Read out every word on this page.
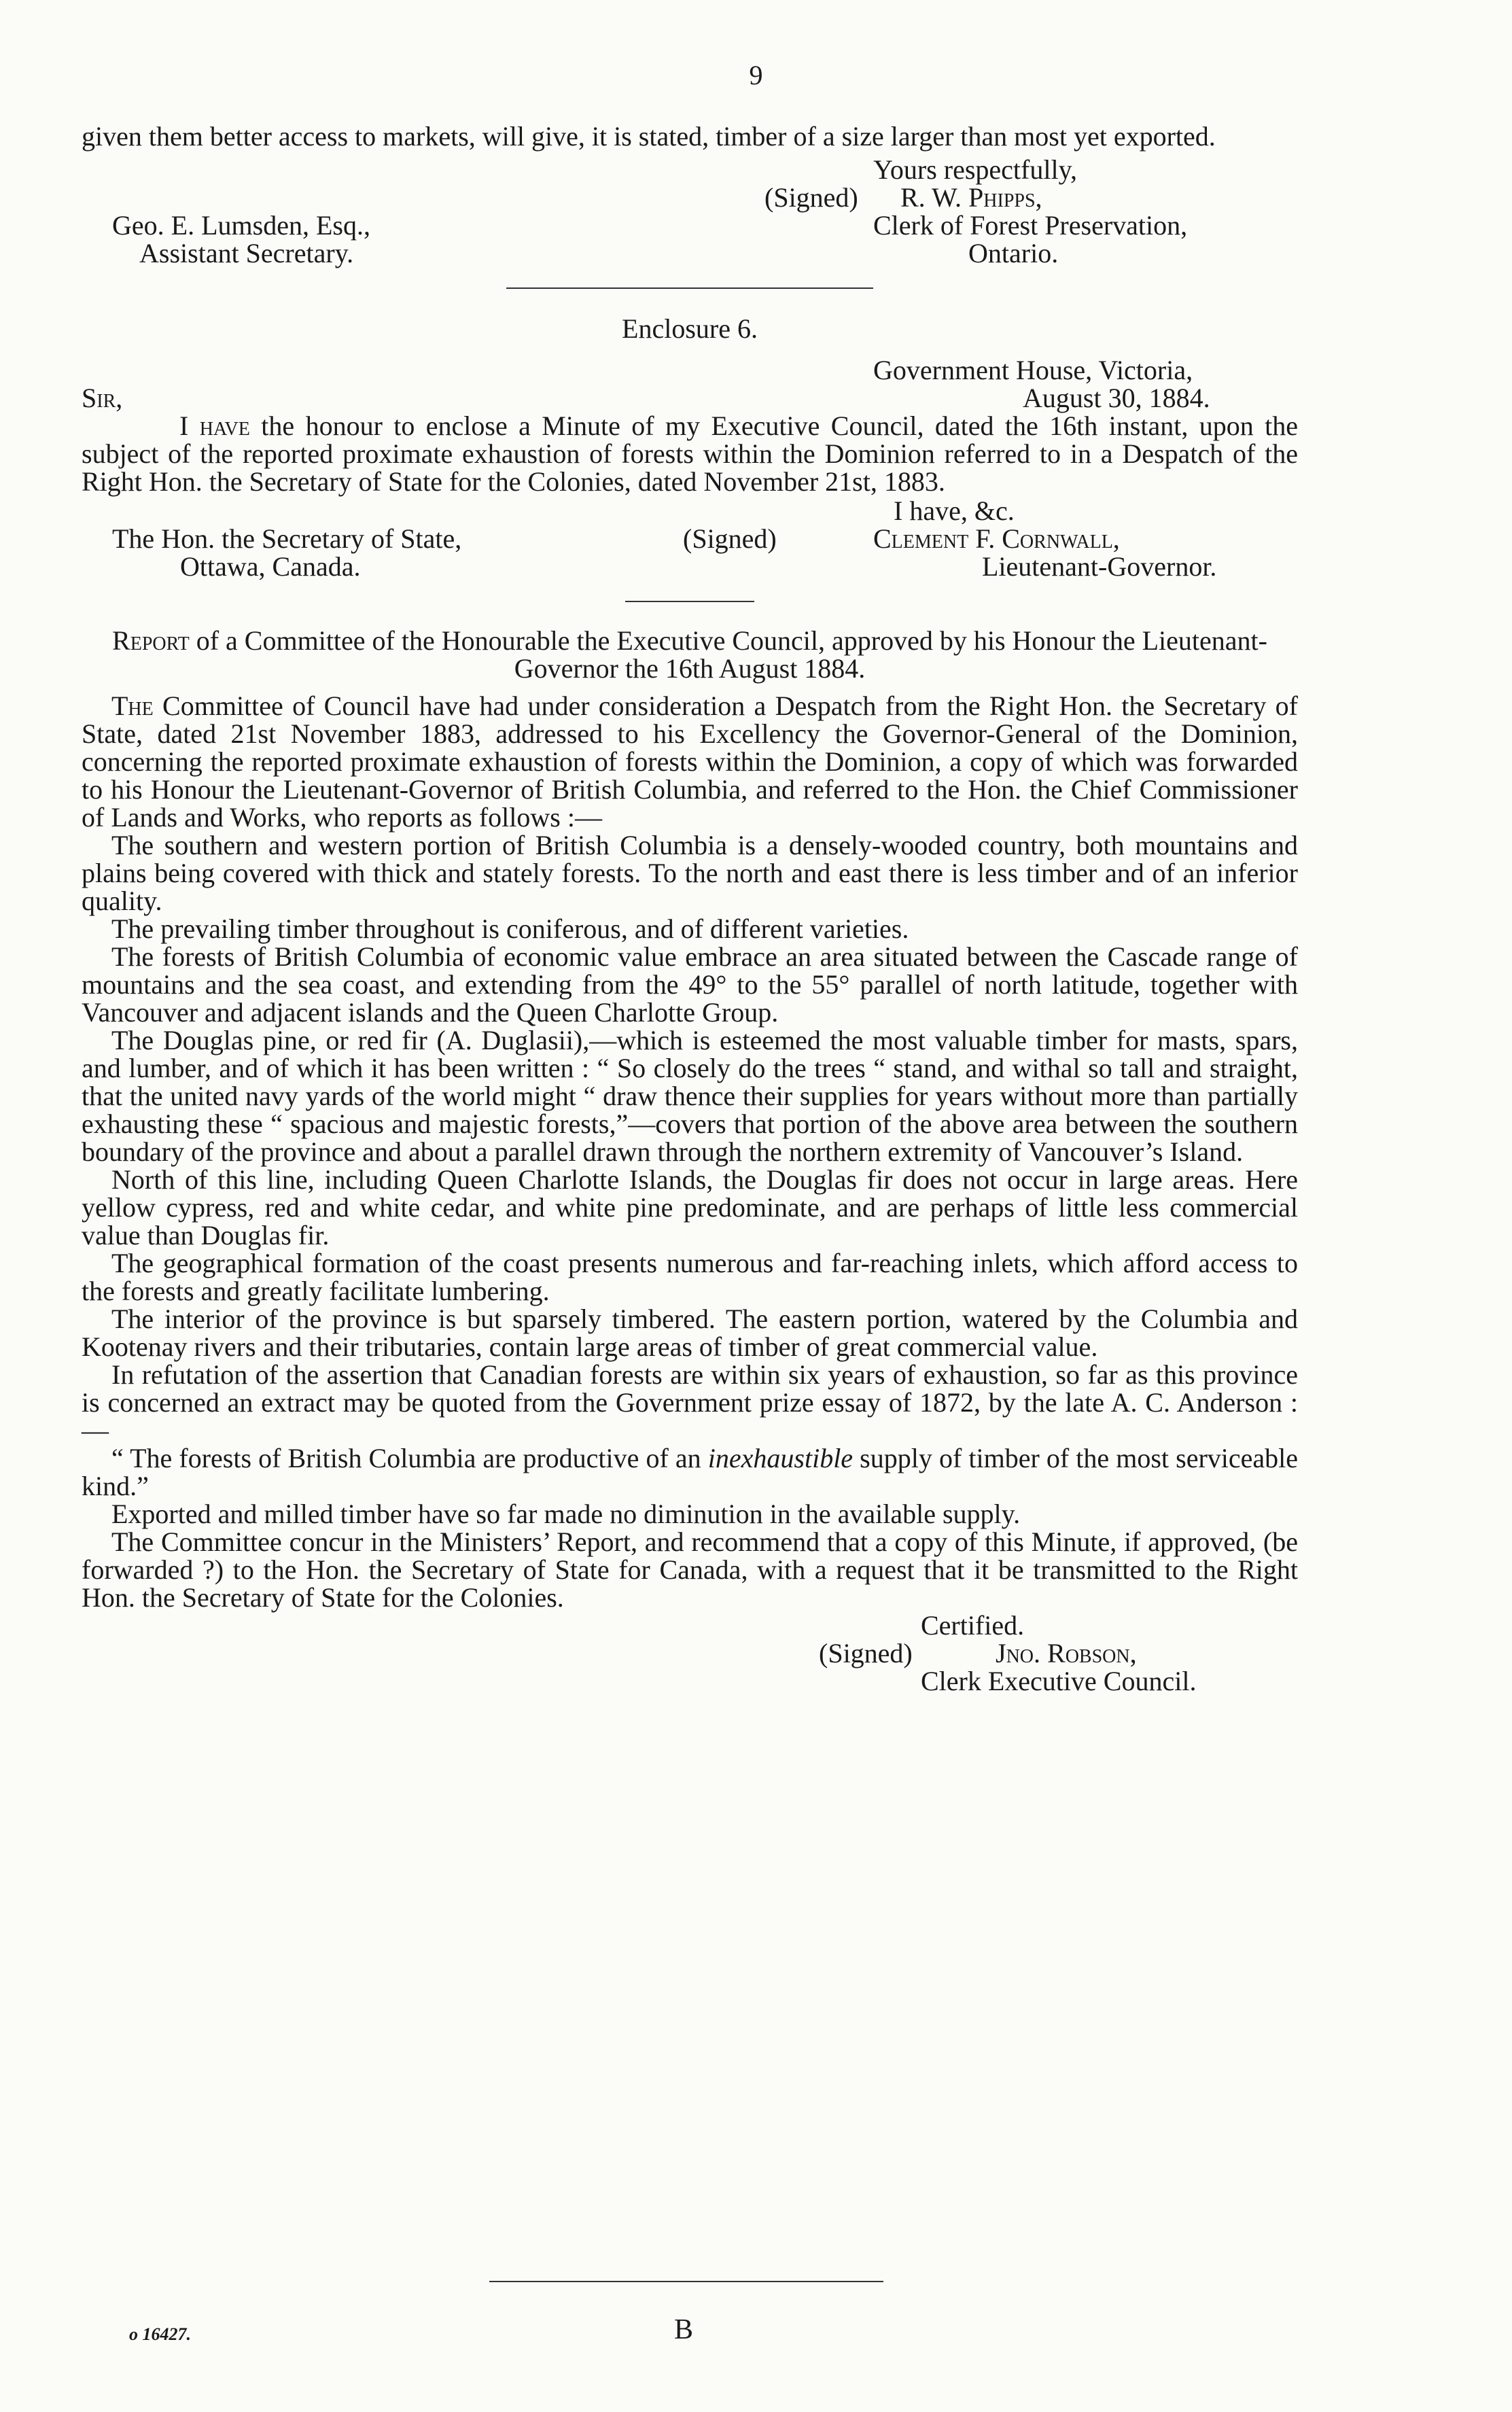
9

given them better access to markets, will give, it is stated, timber of a size larger than most yet exported.

Yours respectfully,
(Signed) R. W. Phipps,
Geo. E. Lumsden, Esq.,	Clerk of Forest Preservation,
Assistant Secretary.	Ontario.
Enclosure 6.
Government House, Victoria,
Sir,	August 30, 1884.

I have the honour to enclose a Minute of my Executive Council, dated the 16th instant, upon the subject of the reported proximate exhaustion of forests within the Dominion referred to in a Despatch of the Right Hon. the Secretary of State for the Colonies, dated November 21st, 1883.

I have, &c.
The Hon. the Secretary of State,	(Signed)	Clement F. Cornwall,
Ottawa, Canada.	Lieutenant-Governor.

Report of a Committee of the Honourable the Executive Council, approved by his Honour the Lieutenant-Governor the 16th August 1884.

The Committee of Council have had under consideration a Despatch from the Right Hon. the Secretary of State, dated 21st November 1883, addressed to his Excellency the Governor-General of the Dominion, concerning the reported proximate exhaustion of forests within the Dominion, a copy of which was forwarded to his Honour the Lieutenant-Governor of British Columbia, and referred to the Hon. the Chief Commissioner of Lands and Works, who reports as follows :—

The southern and western portion of British Columbia is a densely-wooded country, both mountains and plains being covered with thick and stately forests. To the north and east there is less timber and of an inferior quality.

The prevailing timber throughout is coniferous, and of different varieties.

The forests of British Columbia of economic value embrace an area situated between the Cascade range of mountains and the sea coast, and extending from the 49° to the 55° parallel of north latitude, together with Vancouver and adjacent islands and the Queen Charlotte Group.

The Douglas pine, or red fir (A. Duglasii),—which is esteemed the most valuable timber for masts, spars, and lumber, and of which it has been written : “ So closely do the trees “ stand, and withal so tall and straight, that the united navy yards of the world might “ draw thence their supplies for years without more than partially exhausting these “ spacious and majestic forests,”—covers that portion of the above area between the southern boundary of the province and about a parallel drawn through the northern extremity of Vancouver’s Island.

North of this line, including Queen Charlotte Islands, the Douglas fir does not occur in large areas. Here yellow cypress, red and white cedar, and white pine predominate, and are perhaps of little less commercial value than Douglas fir.

The geographical formation of the coast presents numerous and far-reaching inlets, which afford access to the forests and greatly facilitate lumbering.

The interior of the province is but sparsely timbered. The eastern portion, watered by the Columbia and Kootenay rivers and their tributaries, contain large areas of timber of great commercial value.

In refutation of the assertion that Canadian forests are within six years of exhaustion, so far as this province is concerned an extract may be quoted from the Government prize essay of 1872, by the late A. C. Anderson :—

“ The forests of British Columbia are productive of an inexhaustible supply of timber of the most serviceable kind.”

Exported and milled timber have so far made no diminution in the available supply.

The Committee concur in the Ministers’ Report, and recommend that a copy of this Minute, if approved, (be forwarded ?) to the Hon. the Secretary of State for Canada, with a request that it be transmitted to the Right Hon. the Secretary of State for the Colonies.

Certified.
(Signed)	Jno. Robson,
Clerk Executive Council.
o 16427.	B
